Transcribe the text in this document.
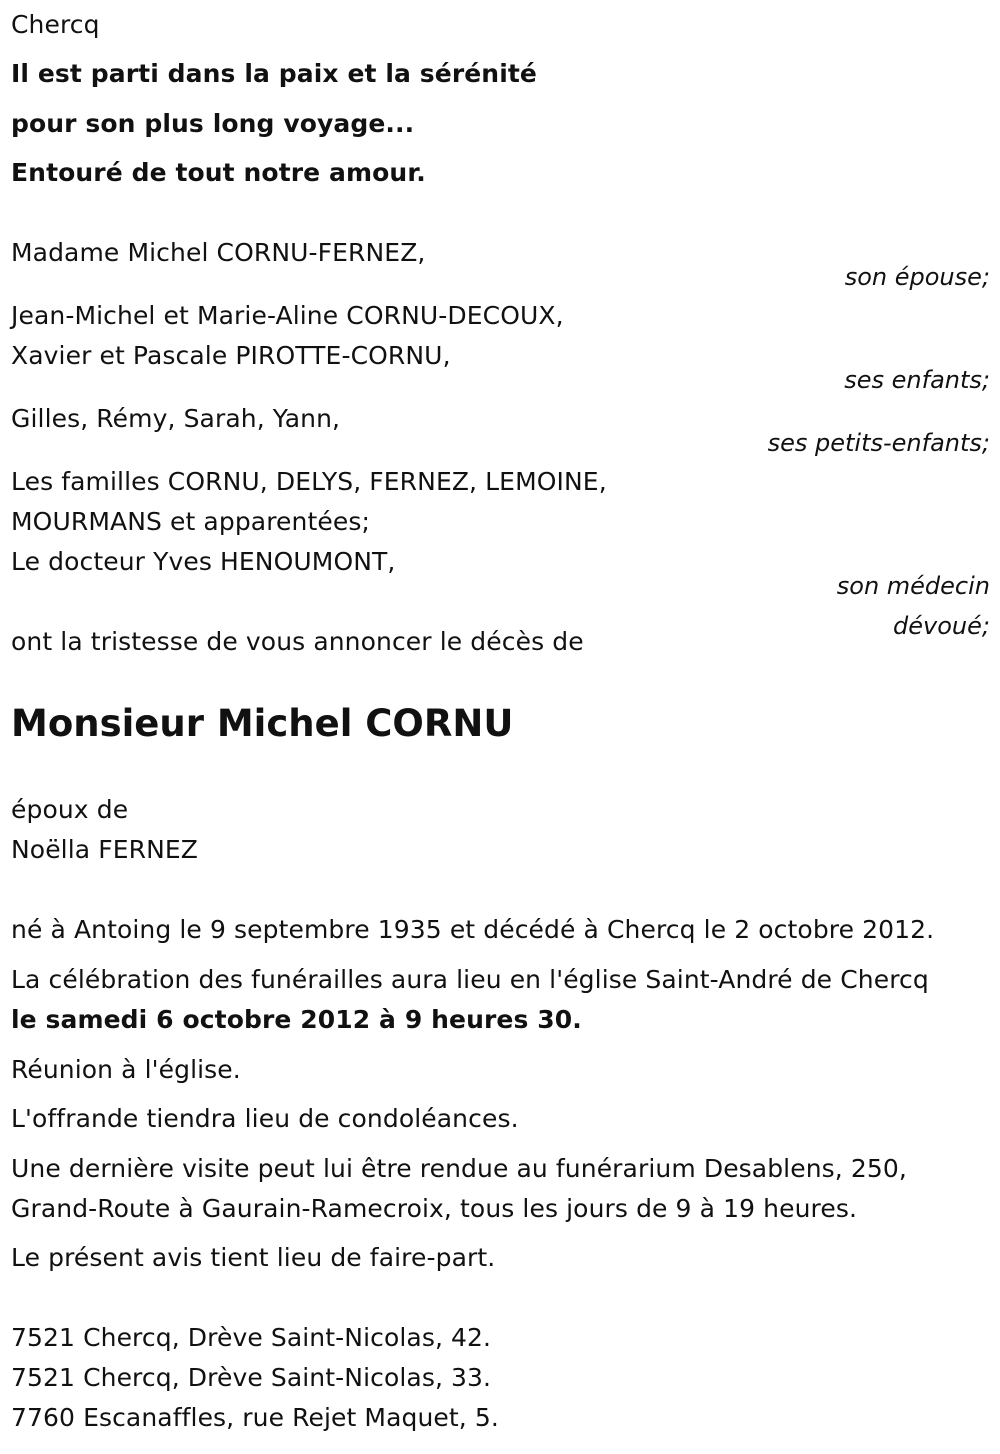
Chercq
Il est parti dans la paix et la sérénité
pour son plus long voyage...
Entouré de tout notre amour.
Madame Michel CORNU-FERNEZ,
son épouse;
Jean-Michel et Marie-Aline CORNU-DECOUX,
Xavier et Pascale PIROTTE-CORNU,
ses enfants;
Gilles, Rémy, Sarah, Yann,
ses petits-enfants;
Les familles CORNU, DELYS, FERNEZ, LEMOINE,
MOURMANS et apparentées;
Le docteur Yves HENOUMONT,
son médecin
dévoué;
ont la tristesse de vous annoncer le décès de
Monsieur Michel CORNU
époux de
Noëlla FERNEZ
né à Antoing le 9 septembre 1935 et décédé à Chercq le 2 octobre 2012.
La célébration des funérailles aura lieu en l'église Saint-André de Chercq
le samedi 6 octobre 2012 à 9 heures 30.
Réunion à l'église.
L'offrande tiendra lieu de condoléances.
Une dernière visite peut lui être rendue au funérarium Desablens, 250,
Grand-Route à Gaurain-Ramecroix, tous les jours de 9 à 19 heures.
Le présent avis tient lieu de faire-part.
7521 Chercq, Drève Saint-Nicolas, 42.
7521 Chercq, Drève Saint-Nicolas, 33.
7760 Escanaffles, rue Rejet Maquet, 5.
